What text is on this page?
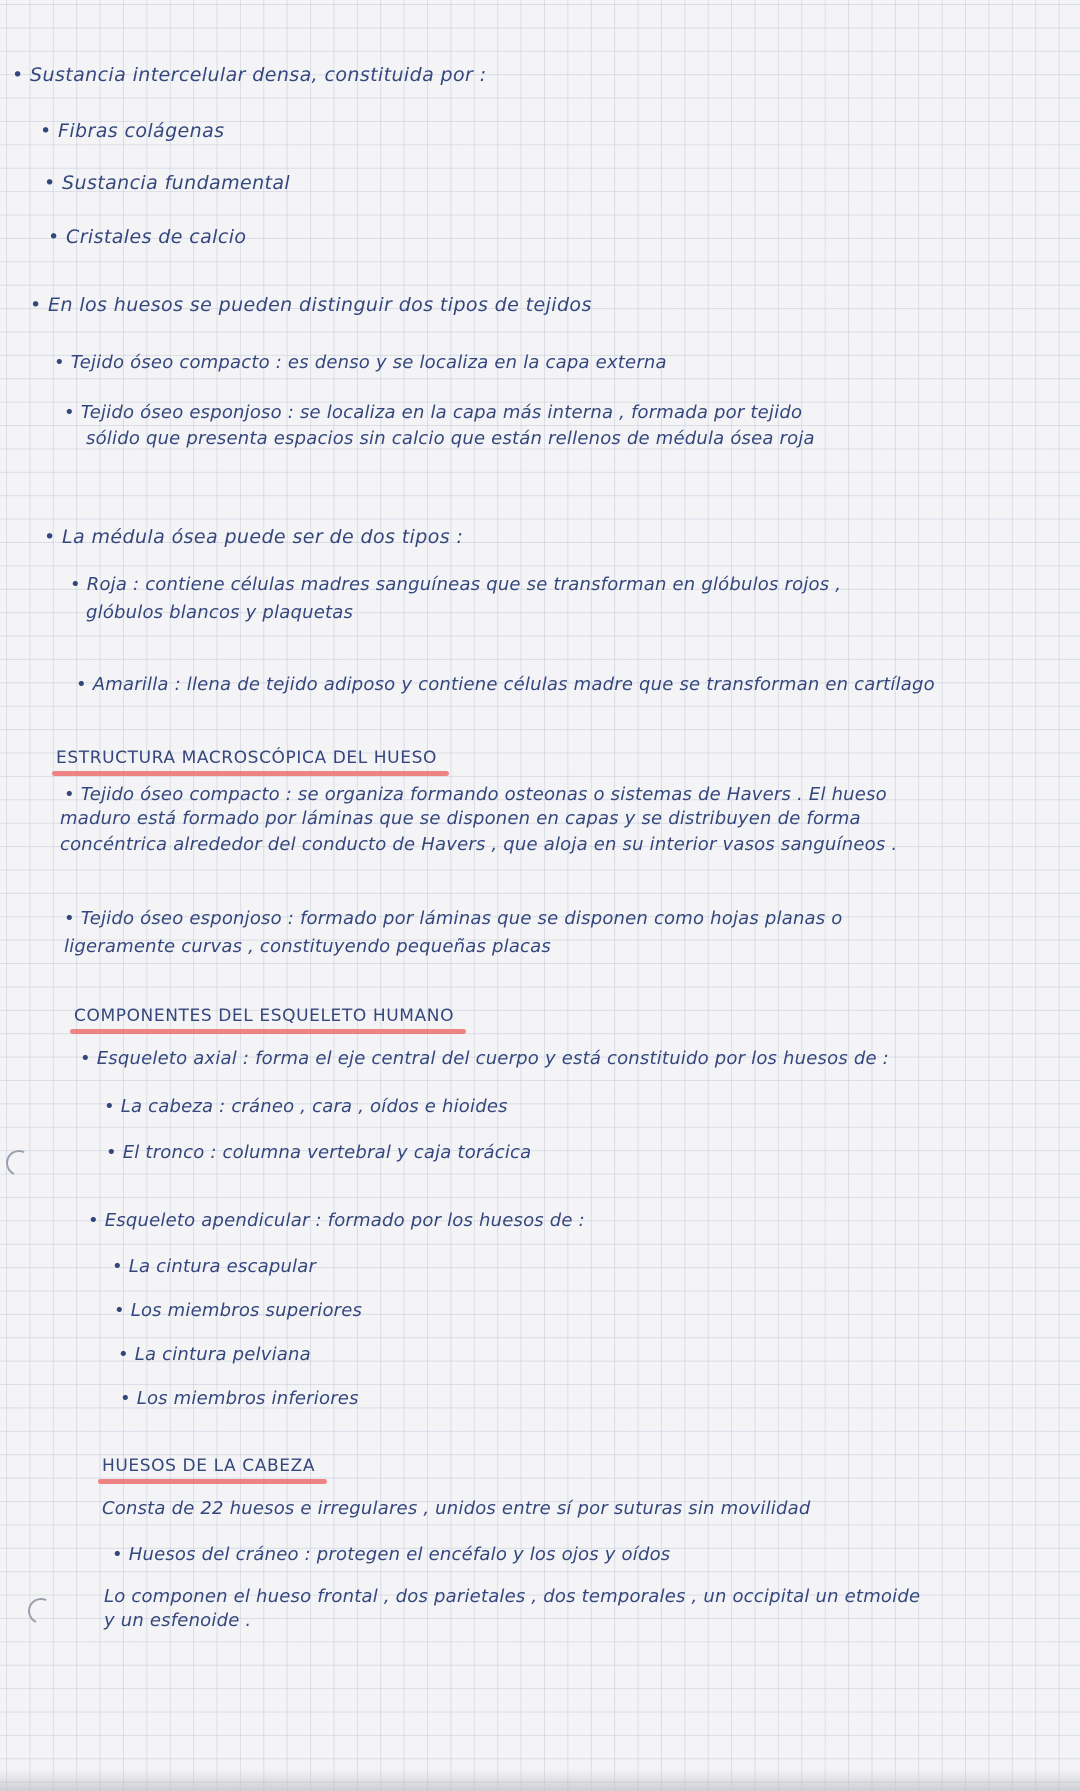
• Sustancia intercelular densa, constituida por :
• Fibras colágenas
• Sustancia fundamental
• Cristales de calcio
• En los huesos se pueden distinguir dos tipos de tejidos
• Tejido óseo compacto : es denso y se localiza en la capa externa
• Tejido óseo esponjoso : se localiza en la capa más interna , formada por tejido
sólido que presenta espacios sin calcio que están rellenos de médula ósea roja
• La médula ósea puede ser de dos tipos :
• Roja : contiene células madres sanguíneas que se transforman en glóbulos rojos ,
glóbulos blancos y plaquetas
• Amarilla : llena de tejido adiposo y contiene células madre que se transforman en cartílago
ESTRUCTURA MACROSCÓPICA DEL HUESO
• Tejido óseo compacto : se organiza formando osteonas o sistemas de Havers . El hueso
maduro está formado por láminas que se disponen en capas y se distribuyen de forma
concéntrica alrededor del conducto de Havers , que aloja en su interior vasos sanguíneos .
• Tejido óseo esponjoso : formado por láminas que se disponen como hojas planas o
ligeramente curvas , constituyendo pequeñas placas
COMPONENTES DEL ESQUELETO HUMANO
• Esqueleto axial : forma el eje central del cuerpo y está constituido por los huesos de :
• La cabeza : cráneo , cara , oídos e hioides
• El tronco : columna vertebral y caja torácica
• Esqueleto apendicular : formado por los huesos de :
• La cintura escapular
• Los miembros superiores
• La cintura pelviana
• Los miembros inferiores
HUESOS DE LA CABEZA
Consta de 22 huesos e irregulares , unidos entre sí por suturas sin movilidad
• Huesos del cráneo : protegen el encéfalo y los ojos y oídos
Lo componen el hueso frontal , dos parietales , dos temporales , un occipital un etmoide
y un esfenoide .
